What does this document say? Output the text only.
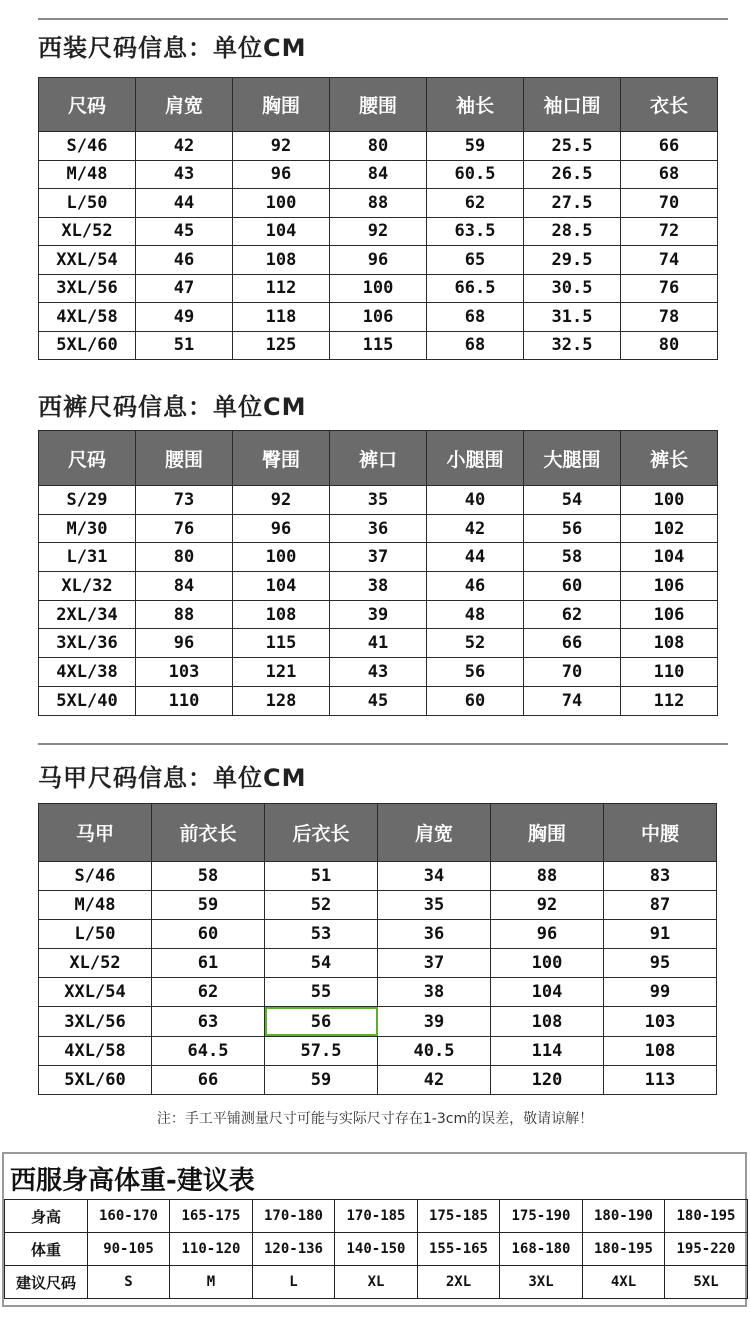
西装尺码信息：单位CM
尺码	肩宽	胸围	腰围	袖长	袖口围	衣长
S/46	42	92	80	59	25.5	66
M/48	43	96	84	60.5	26.5	68
L/50	44	100	88	62	27.5	70
XL/52	45	104	92	63.5	28.5	72
XXL/54	46	108	96	65	29.5	74
3XL/56	47	112	100	66.5	30.5	76
4XL/58	49	118	106	68	31.5	78
5XL/60	51	125	115	68	32.5	80
西裤尺码信息：单位CM
尺码	腰围	臀围	裤口	小腿围	大腿围	裤长
S/29	73	92	35	40	54	100
M/30	76	96	36	42	56	102
L/31	80	100	37	44	58	104
XL/32	84	104	38	46	60	106
2XL/34	88	108	39	48	62	106
3XL/36	96	115	41	52	66	108
4XL/38	103	121	43	56	70	110
5XL/40	110	128	45	60	74	112
马甲尺码信息：单位CM
马甲	前衣长	后衣长	肩宽	胸围	中腰
S/46	58	51	34	88	83
M/48	59	52	35	92	87
L/50	60	53	36	96	91
XL/52	61	54	37	100	95
XXL/54	62	55	38	104	99
3XL/56	63	56	39	108	103
4XL/58	64.5	57.5	40.5	114	108
5XL/60	66	59	42	120	113
注：手工平铺测量尺寸可能与实际尺寸存在1-3cm的误差，敬请谅解！
西服身高体重-建议表
身高	160-170	165-175	170-180	170-185	175-185	175-190	180-190	180-195
体重	90-105	110-120	120-136	140-150	155-165	168-180	180-195	195-220
建议尺码	S	M	L	XL	2XL	3XL	4XL	5XL
